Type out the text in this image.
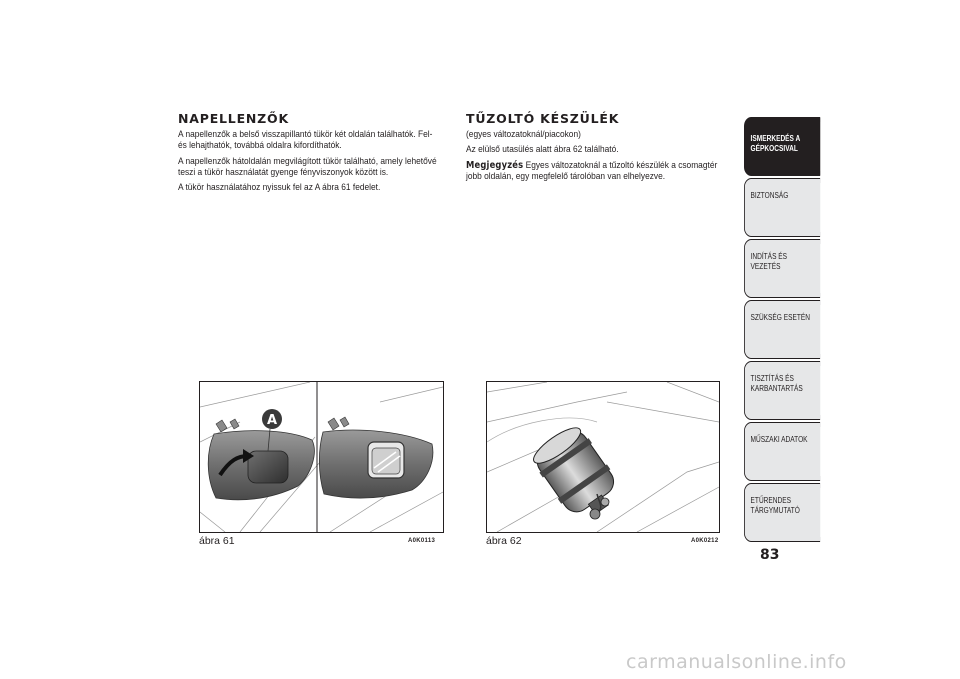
NAPELLENZŐK

A napellenzők a belső visszapillantó tükör két oldalán találhatók. Fel- és lehajthatók, továbbá oldalra kifordíthatók.

A napellenzők hátoldalán megvilágított tükör található, amely lehetővé teszi a tükör használatát gyenge fényviszonyok között is.

A tükör használatához nyissuk fel az A ábra 61 fedelet.

TŰZOLTÓ KÉSZÜLÉK

(egyes változatoknál/piacokon)

Az elülső utasülés alatt ábra 62 található.

Megjegyzés Egyes változatoknál a tűzoltó készülék a csomagtér jobb oldalán, egy megfelelő tárolóban van elhelyezve.

A
ábra 61	A0K0113	ábra 62	A0K0212
ISMERKEDÉS A GÉPKOCSIVAL
BIZTONSÁG
INDÍTÁS ÉS VEZETÉS
SZÜKSÉG ESETÉN
TISZTÍTÁS ÉS KARBANTARTÁS
MŰSZAKI ADATOK
ETŰRENDES TÁRGYMUTATÓ
83
carmanualsonline.info
